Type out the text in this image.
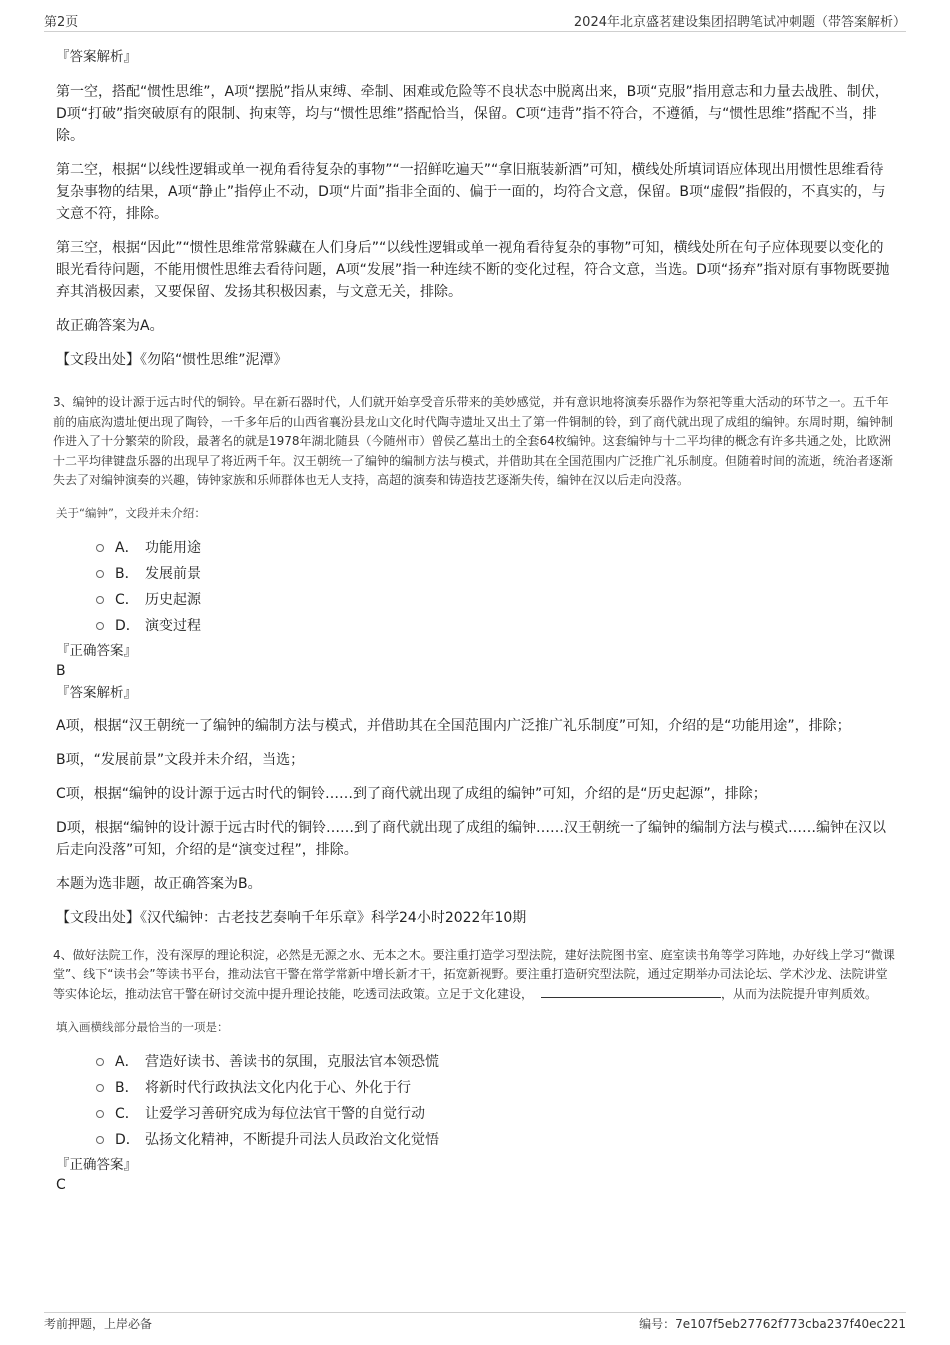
第2页	2024年北京盛茗建设集团招聘笔试冲刺题（带答案解析）

『答案解析』

第一空，搭配“惯性思维”，A项“摆脱”指从束缚、牵制、困难或危险等不良状态中脱离出来，B项“克服”指用意志和力量去战胜、制伏，D项“打破”指突破原有的限制、拘束等，均与“惯性思维”搭配恰当，保留。C项“违背”指不符合，不遵循，与“惯性思维”搭配不当，排除。

第二空，根据“以线性逻辑或单一视角看待复杂的事物”“一招鲜吃遍天”“拿旧瓶装新酒”可知，横线处所填词语应体现出用惯性思维看待复杂事物的结果，A项“静止”指停止不动，D项“片面”指非全面的、偏于一面的，均符合文意，保留。B项“虚假”指假的，不真实的，与文意不符，排除。

第三空，根据“因此”“惯性思维常常躲藏在人们身后”“以线性逻辑或单一视角看待复杂的事物”可知，横线处所在句子应体现要以变化的眼光看待问题，不能用惯性思维去看待问题，A项“发展”指一种连续不断的变化过程，符合文意，当选。D项“扬弃”指对原有事物既要抛弃其消极因素，又要保留、发扬其积极因素，与文意无关，排除。

故正确答案为A。

【文段出处】《勿陷“惯性思维”泥潭》

3、编钟的设计源于远古时代的铜铃。早在新石器时代，人们就开始享受音乐带来的美妙感觉，并有意识地将演奏乐器作为祭祀等重大活动的环节之一。五千年前的庙底沟遗址便出现了陶铃，一千多年后的山西省襄汾县龙山文化时代陶寺遗址又出土了第一件铜制的铃，到了商代就出现了成组的编钟。东周时期，编钟制作进入了十分繁荣的阶段，最著名的就是1978年湖北随县（今随州市）曾侯乙墓出土的全套64枚编钟。这套编钟与十二平均律的概念有许多共通之处，比欧洲十二平均律键盘乐器的出现早了将近两千年。汉王朝统一了编钟的编制方法与模式，并借助其在全国范围内广泛推广礼乐制度。但随着时间的流逝，统治者逐渐失去了对编钟演奏的兴趣，铸钟家族和乐师群体也无人支持，高超的演奏和铸造技艺逐渐失传，编钟在汉以后走向没落。

关于“编钟”，文段并未介绍：

A． 功能用途
B． 发展前景
C． 历史起源
D． 演变过程

『正确答案』

B

『答案解析』

A项，根据“汉王朝统一了编钟的编制方法与模式，并借助其在全国范围内广泛推广礼乐制度”可知，介绍的是“功能用途”，排除；

B项，“发展前景”文段并未介绍，当选；

C项，根据“编钟的设计源于远古时代的铜铃……到了商代就出现了成组的编钟”可知，介绍的是“历史起源”，排除；

D项，根据“编钟的设计源于远古时代的铜铃……到了商代就出现了成组的编钟……汉王朝统一了编钟的编制方法与模式……编钟在汉以后走向没落”可知，介绍的是“演变过程”，排除。

本题为选非题，故正确答案为B。

【文段出处】《汉代编钟：古老技艺奏响千年乐章》科学24小时2022年10期

4、做好法院工作，没有深厚的理论积淀，必然是无源之水、无本之木。要注重打造学习型法院，建好法院图书室、庭室读书角等学习阵地，办好线上学习“微课堂”、线下“读书会”等读书平台，推动法官干警在常学常新中增长新才干，拓宽新视野。要注重打造研究型法院，通过定期举办司法论坛、学术沙龙、法院讲堂等实体论坛，推动法官干警在研讨交流中提升理论技能，吃透司法政策。立足于文化建设，	，从而为法院提升审判质效。

填入画横线部分最恰当的一项是：

A． 营造好读书、善读书的氛围，克服法官本领恐慌
B． 将新时代行政执法文化内化于心、外化于行
C． 让爱学习善研究成为每位法官干警的自觉行动
D． 弘扬文化精神，不断提升司法人员政治文化觉悟

『正确答案』

C

考前押题，上岸必备	编号：7e107f5eb27762f773cba237f40ec221
